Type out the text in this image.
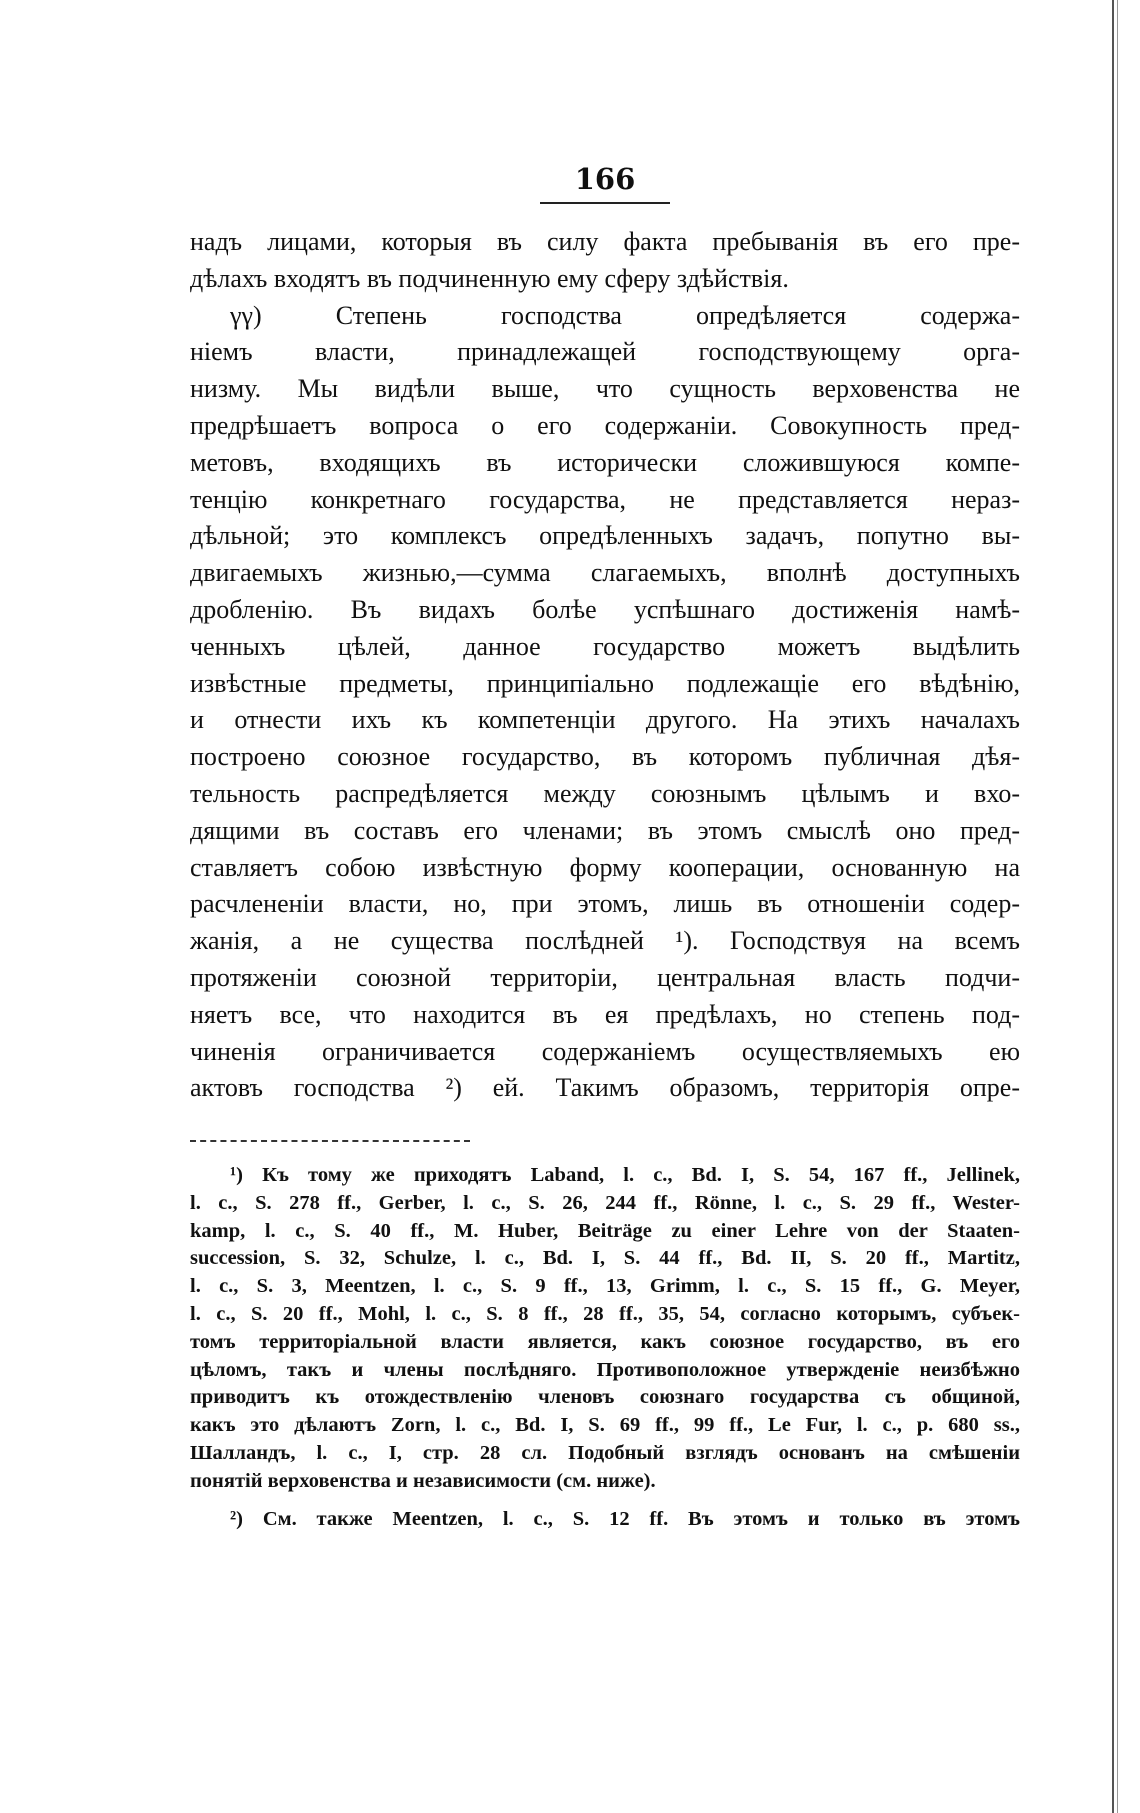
166
надъ лицами, которыя въ силу факта пребыванія въ его пре-
дѣлахъ входятъ въ подчиненную ему сферу здѣйствія.
γγ) Степень господства опредѣляется содержа-
ніемъ власти, принадлежащей господствующему орга-
низму. Мы видѣли выше, что сущность верховенства не
предрѣшаетъ вопроса о его содержаніи. Совокупность пред-
метовъ, входящихъ въ исторически сложившуюся компе-
тенцію конкретнаго государства, не представляется нераз-
дѣльной; это комплексъ опредѣленныхъ задачъ, попутно вы-
двигаемыхъ жизнью,—сумма слагаемыхъ, вполнѣ доступныхъ
дробленію. Въ видахъ болѣе успѣшнаго достиженія намѣ-
ченныхъ цѣлей, данное государство можетъ выдѣлить
извѣстные предметы, принципіально подлежащіе его вѣдѣнію,
и отнести ихъ къ компетенціи другого. На этихъ началахъ
построено союзное государство, въ которомъ публичная дѣя-
тельность распредѣляется между союзнымъ цѣлымъ и вхо-
дящими въ составъ его членами; въ этомъ смыслѣ оно пред-
ставляетъ собою извѣстную форму кооперации, основанную на
расчлененіи власти, но, при этомъ, лишь въ отношеніи содер-
жанія, а не существа послѣдней ¹). Господствуя на всемъ
протяженіи союзной территоріи, центральная власть подчи-
няетъ все, что находится въ ея предѣлахъ, но степень под-
чиненія ограничивается содержаніемъ осуществляемыхъ ею
актовъ господства ²) ей. Такимъ образомъ, территорія опре-
¹) Къ тому же приходятъ Laband, l. c., Bd. I, S. 54, 167 ff., Jellinek,
l. c., S. 278 ff., Gerber, l. c., S. 26, 244 ff., Rönne, l. c., S. 29 ff., Wester-
kamp, l. c., S. 40 ff., M. Huber, Beiträge zu einer Lehre von der Staaten-
succession, S. 32, Schulze, l. c., Bd. I, S. 44 ff., Bd. II, S. 20 ff., Martitz,
l. c., S. 3, Meentzen, l. c., S. 9 ff., 13, Grimm, l. c., S. 15 ff., G. Meyer,
l. c., S. 20 ff., Mohl, l. c., S. 8 ff., 28 ff., 35, 54, согласно которымъ, субъек-
томъ территоріальной власти является, какъ союзное государство, въ его
цѣломъ, такъ и члены послѣдняго. Противоположное утвержденіе неизбѣжно
приводитъ къ отождествленію членовъ союзнаго государства съ общиной,
какъ это дѣлаютъ Zorn, l. c., Bd. I, S. 69 ff., 99 ff., Le Fur, l. c., p. 680 ss.,
Шалландъ, l. c., I, стр. 28 сл. Подобный взглядъ основанъ на смѣшеніи
понятій верховенства и независимости (см. ниже).
²) См. также Meentzen, l. c., S. 12 ff. Въ этомъ и только въ этомъ
